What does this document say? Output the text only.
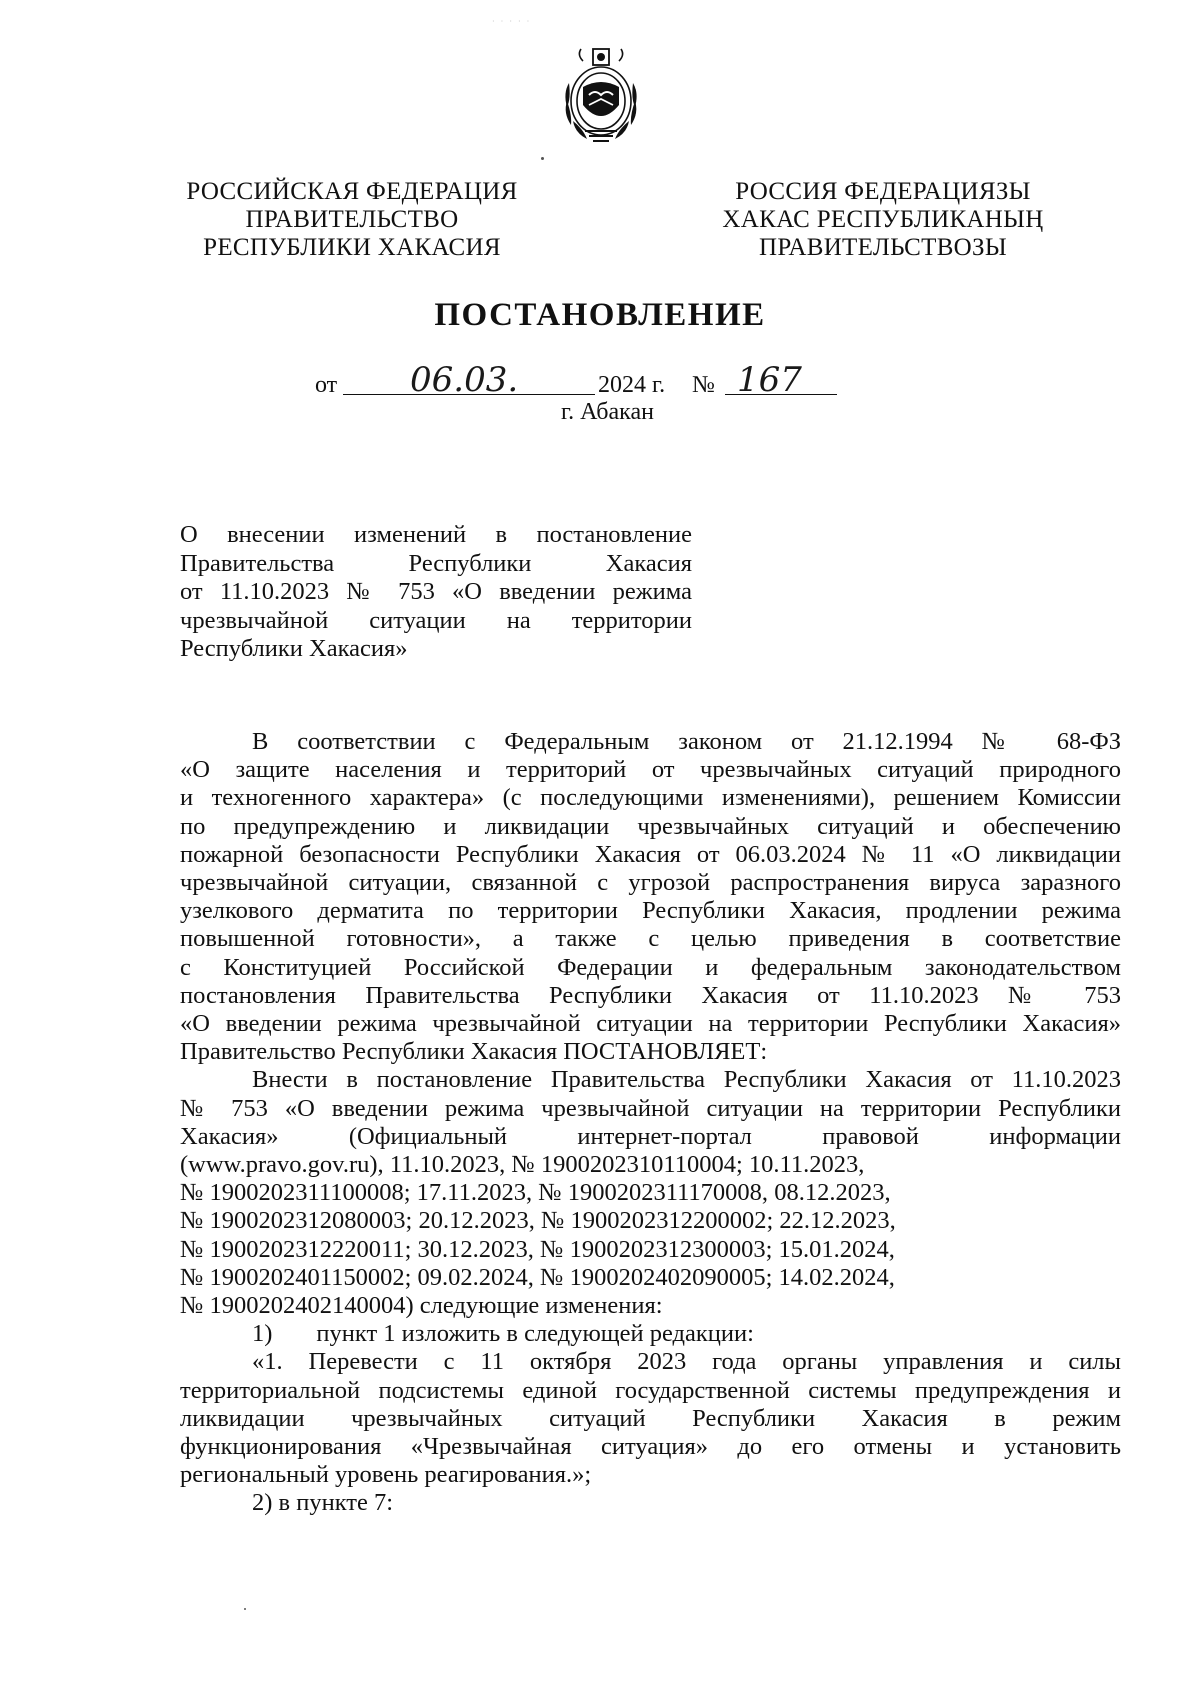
· · · · ·
РОССИЙСКАЯ ФЕДЕРАЦИЯ
ПРАВИТЕЛЬСТВО
РЕСПУБЛИКИ ХАКАСИЯ
РОССИЯ ФЕДЕРАЦИЯЗЫ
ХАКАС РЕСПУБЛИКАНЫҢ
ПРАВИТЕЛЬСТВОЗЫ
ПОСТАНОВЛЕНИЕ
от 06.03.	2024 г. № 167
г. Абакан
О внесении изменений в постановление
Правительства Республики Хакасия
от 11.10.2023 № 753 «О введении режима
чрезвычайной ситуации на территории
Республики Хакасия»
В соответствии с Федеральным законом от 21.12.1994 № 68-ФЗ
«О защите населения и территорий от чрезвычайных ситуаций природного
и техногенного характера» (с последующими изменениями), решением Комиссии
по предупреждению и ликвидации чрезвычайных ситуаций и обеспечению
пожарной безопасности Республики Хакасия от 06.03.2024 № 11 «О ликвидации
чрезвычайной ситуации, связанной с угрозой распространения вируса заразного
узелкового дерматита по территории Республики Хакасия, продлении режима
повышенной готовности», а также с целью приведения в соответствие
с Конституцией Российской Федерации и федеральным законодательством
постановления Правительства Республики Хакасия от 11.10.2023 № 753
«О введении режима чрезвычайной ситуации на территории Республики Хакасия»
Правительство Республики Хакасия ПОСТАНОВЛЯЕТ:
Внести в постановление Правительства Республики Хакасия от 11.10.2023
№ 753 «О введении режима чрезвычайной ситуации на территории Республики
Хакасия» (Официальный интернет-портал правовой информации
(www.pravo.gov.ru), 11.10.2023, № 1900202310110004; 10.11.2023,
№ 1900202311100008; 17.11.2023, № 1900202311170008, 08.12.2023,
№ 1900202312080003; 20.12.2023, № 1900202312200002; 22.12.2023,
№ 1900202312220011; 30.12.2023, № 1900202312300003; 15.01.2024,
№ 1900202401150002; 09.02.2024, № 1900202402090005; 14.02.2024,
№ 1900202402140004) следующие изменения:
1) пункт 1 изложить в следующей редакции:
«1. Перевести с 11 октября 2023 года органы управления и силы
территориальной подсистемы единой государственной системы предупреждения и
ликвидации чрезвычайных ситуаций Республики Хакасия в режим
функционирования «Чрезвычайная ситуация» до его отмены и установить
региональный уровень реагирования.»;
2) в пункте 7:
